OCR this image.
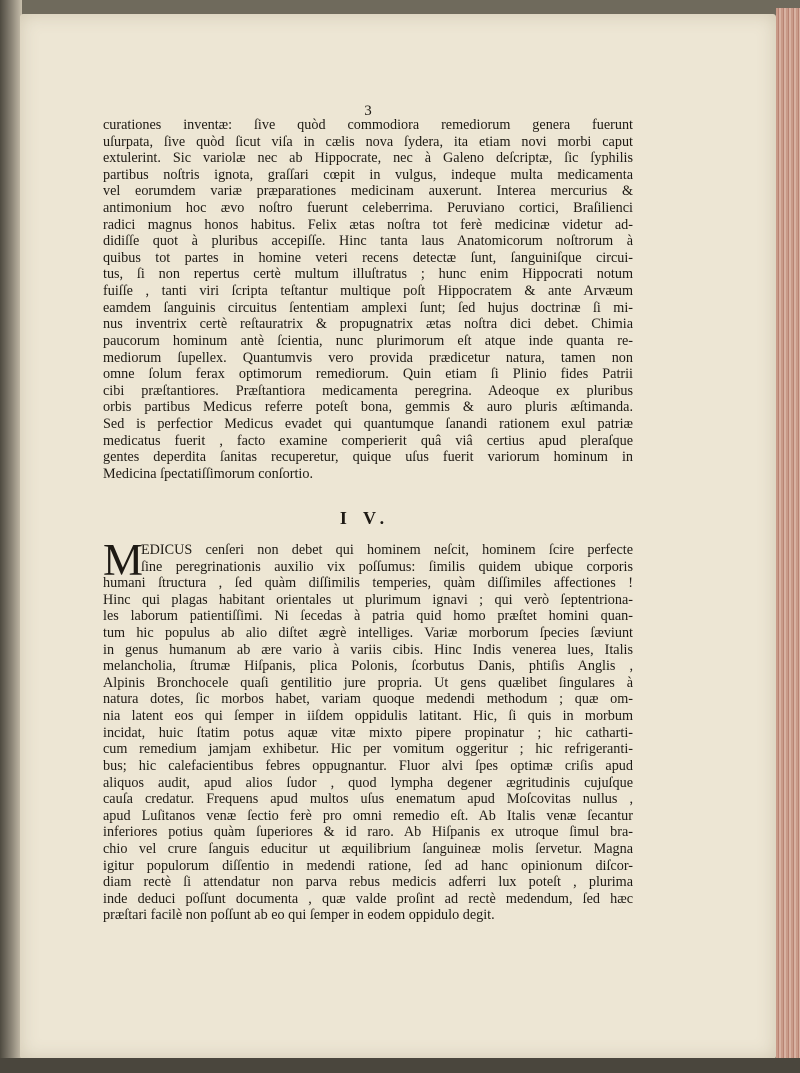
3

curationes inventæ: ſive quòd commodiora remediorum genera fuerunt
uſurpata, ſive quòd ſicut viſa in cælis nova ſydera, ita etiam novi morbi caput
extulerint. Sic variolæ nec ab Hippocrate, nec à Galeno deſcriptæ, ſic ſyphilis
partibus noſtris ignota, graſſari cœpit in vulgus, indeque multa medicamenta
vel eorumdem variæ præparationes medicinam auxerunt. Interea mercurius &
antimonium hoc ævo noſtro fuerunt celeberrima. Peruviano cortici, Braſilienci
radici magnus honos habitus. Felix ætas noſtra tot ferè medicinæ videtur ad-
didiſſe quot à pluribus accepiſſe. Hinc tanta laus Anatomicorum noſtrorum à
quibus tot partes in homine veteri recens detectæ ſunt, ſanguiniſque circui-
tus, ſi non repertus certè multum illuſtratus ; hunc enim Hippocrati notum
fuiſſe , tanti viri ſcripta teſtantur multique poſt Hippocratem & ante Arvæum
eamdem ſanguinis circuitus ſententiam amplexi ſunt; ſed hujus doctrinæ ſi mi-
nus inventrix certè reſtauratrix & propugnatrix ætas noſtra dici debet. Chimia
paucorum hominum antè ſcientia, nunc plurimorum eſt atque inde quanta re-
mediorum ſupellex. Quantumvis vero provida prædicetur natura, tamen non
omne ſolum ferax optimorum remediorum. Quin etiam ſi Plinio fides Patrii
cibi præſtantiores. Præſtantiora medicamenta peregrina. Adeoque ex pluribus
orbis partibus Medicus referre poteſt bona, gemmis & auro pluris æſtimanda.
Sed is perfectior Medicus evadet qui quantumque ſanandi rationem exul patriæ
medicatus fuerit , facto examine comperierit quâ viâ certius apud pleraſque
gentes deperdita ſanitas recuperetur, quique uſus fuerit variorum hominum in
Medicina ſpectatiſſimorum conſortio.
I V.
M
EDICUS cenſeri non debet qui hominem neſcit, hominem ſcire perfecte
ſine peregrinationis auxilio vix poſſumus: ſimilis quidem ubique corporis
humani ſtructura , ſed quàm diſſimilis temperies, quàm diſſimiles affectiones !
Hinc qui plagas habitant orientales ut plurimum ignavi ; qui verò ſeptentriona-
les laborum patientiſſimi. Ni ſecedas à patria quid homo præſtet homini quan-
tum hic populus ab alio diſtet ægrè intelliges. Variæ morborum ſpecies ſæviunt
in genus humanum ab ære vario à variis cibis. Hinc Indis venerea lues, Italis
melancholia, ſtrumæ Hiſpanis, plica Polonis, ſcorbutus Danis, phtiſis Anglis ,
Alpinis Bronchocele quaſi gentilitio jure propria. Ut gens quælibet ſingulares à
natura dotes, ſic morbos habet, variam quoque medendi methodum ; quæ om-
nia latent eos qui ſemper in iiſdem oppidulis latitant. Hic, ſi quis in morbum
incidat, huic ſtatim potus aquæ vitæ mixto pipere propinatur ; hic catharti-
cum remedium jamjam exhibetur. Hic per vomitum oggeritur ; hic refrigeranti-
bus; hic calefacientibus febres oppugnantur. Fluor alvi ſpes optimæ criſis apud
aliquos audit, apud alios ſudor , quod lympha degener ægritudinis cujuſque
cauſa credatur. Frequens apud multos uſus enematum apud Moſcovitas nullus ,
apud Luſitanos venæ ſectio ferè pro omni remedio eſt. Ab Italis venæ ſecantur
inferiores potius quàm ſuperiores & id raro. Ab Hiſpanis ex utroque ſimul bra-
chio vel crure ſanguis educitur ut æquilibrium ſanguineæ molis ſervetur. Magna
igitur populorum diſſentio in medendi ratione, ſed ad hanc opinionum diſcor-
diam rectè ſi attendatur non parva rebus medicis adferri lux poteſt , plurima
inde deduci poſſunt documenta , quæ valde proſint ad rectè medendum, ſed hæc
præſtari facilè non poſſunt ab eo qui ſemper in eodem oppidulo degit.
